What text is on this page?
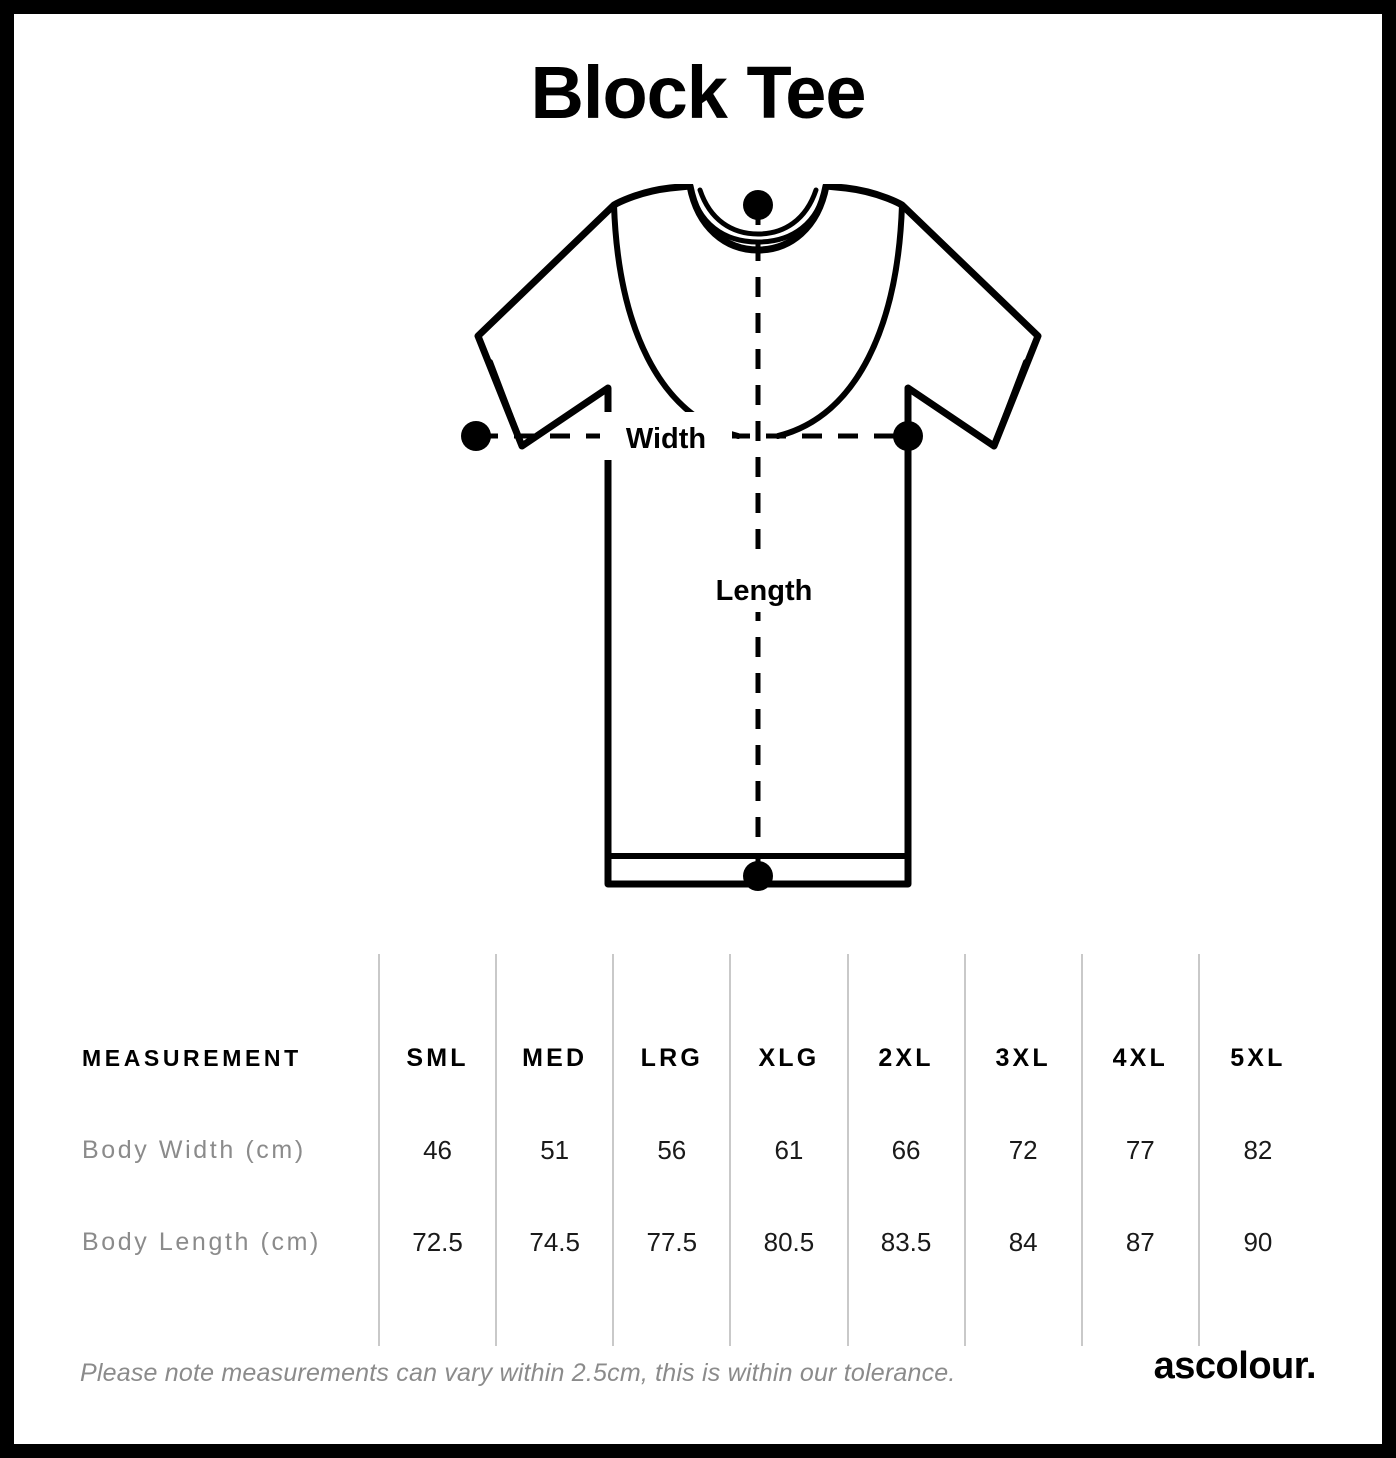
Block Tee
Width
Length

MEASUREMENT	SML	MED	LRG	XLG	2XL	3XL	4XL	5XL
Body Width (cm)	46	51	56	61	66	72	77	82
Body Length (cm)	72.5	74.5	77.5	80.5	83.5	84	87	90

Please note measurements can vary within 2.5cm, this is within our tolerance.	ascolour.
